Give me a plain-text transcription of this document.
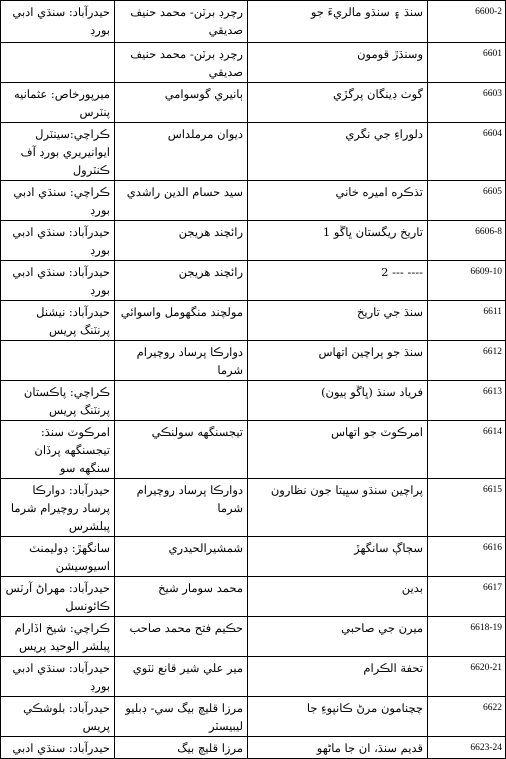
حيدرآباد: سنڌي ادبي بورڊ	رچرڊ برٽن- محمد حنيف صديقي	سنڌ ۽ سنڌو مالريءَ جو	6600-2
	رچرڊ برٽن- محمد حنيف صديقي	وسنڌڙ قومون	6601
ميرپورخاص: عثمانيه پنٽرس	ٻانيري گوسوامي	گوٺ ڊينگان پرگڙي	6603
ڪراچي:سينٽرل ايوانيريري بورڊ آف ڪنٽرول	ديوان مرملداس	دلوراءِ جي نگري	6604
ڪراچي: سنڌي ادبي بورڊ	سيد حسام الدين راشدي	تذڪره اميره خاني	6605
حيدرآباد: سنڌي ادبي بورڊ	رائچند هريجن	تاريخ ريگستان ڀاڱو 1	6606-8
حيدرآباد: سنڌي ادبي بورڊ	رائچند هريجن	---- --- 2	6609-10
حيدرآباد: نيشنل پرنٽنگ پريس	مولچند منگهومل واسوائي	سنڌ جي تاريخ	6611
	دوارڪا پرساد روچيرام شرما	سنڌ جو پراچين اتهاس	6612
ڪراچي: پاڪستان پرنٽنگ پريس		فرياد سنڌ (ڀاڱو ٻيون)	6613
امرڪوٽ سنڌ: تيجسنگهه پرڏان سنگهه سو	تيجسنگهه سولنڪي	امرڪوٽ جو اتهاس	6614
حيدرآباد: دوارڪا پرساد روچيرام شرما پبلشرس	دوارڪا پرساد روچيرام شرما	پراچين سنڌو سڀيتا جون نظارون	6615
سانگهڙ: ڊوليمنٽ اسيوسيشن	شمشيرالحيدري	سڄاڳ سانگهڙ	6616
حيدرآباد: مهراڻ آرٽس ڪائونسل	محمد سومار شيخ	بدين	6617
ڪراچي: شيخ اڏارام پبلشر الوحيد پريس	حڪيم فتح محمد صاحب	ميرن جي صاحبي	6618-19
حيدرآباد: سنڌي ادبي بورڊ	مير علي شير قانع ٺٽوي	تحفة الڪرام	6620-21
حيدرآباد: بلوشڪي پريس	مرزا قليچ بيگ سي- ڊبليو ليبيسٽر	چچنامون مرڻ ڪانپوءِ جا	6622
حيدرآباد: سنڌي ادبي	مرزا قليچ بيگ	قديم سنڌ، ان جا ماڻهو	6623-24
